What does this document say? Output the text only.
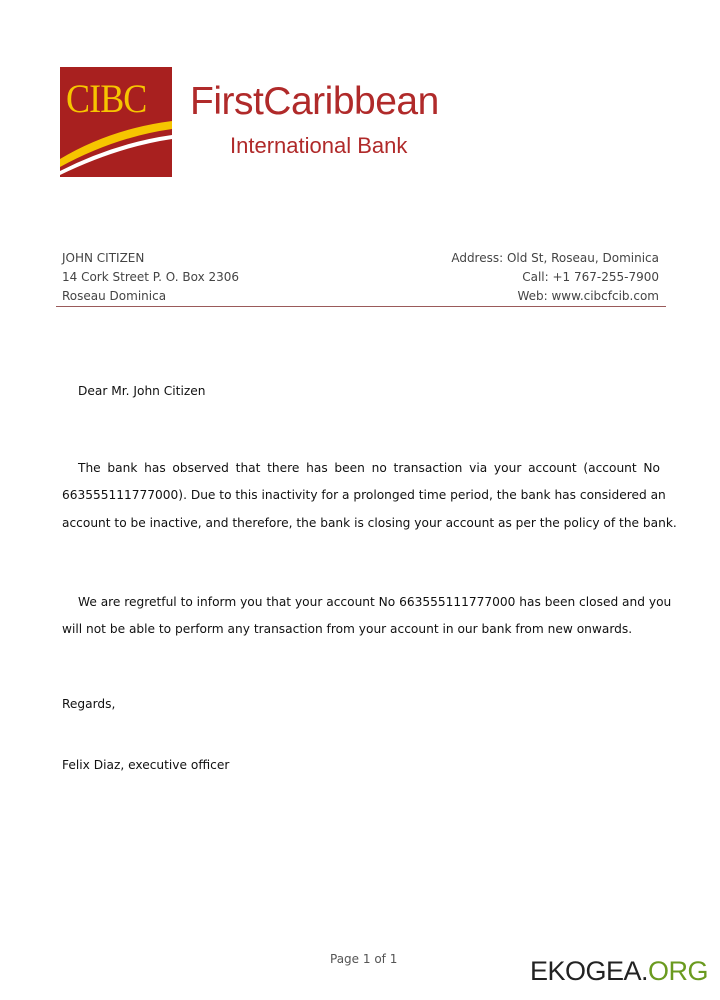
CIBC FirstCaribbean
International Bank
JOHN CITIZEN
14 Cork Street P. O. Box 2306
Roseau Dominica
Address: Old St, Roseau, Dominica
Call: +1 767-255-7900
Web: www.cibcfcib.com
Dear Mr. John Citizen
The bank has observed that there has been no transaction via your account (account No
663555111777000). Due to this inactivity for a prolonged time period, the bank has considered an
account to be inactive, and therefore, the bank is closing your account as per the policy of the bank.
We are regretful to inform you that your account No 663555111777000 has been closed and you
will not be able to perform any transaction from your account in our bank from new onwards.
Regards,
Felix Diaz, executive officer
Page 1 of 1	EKOGEA.ORG
